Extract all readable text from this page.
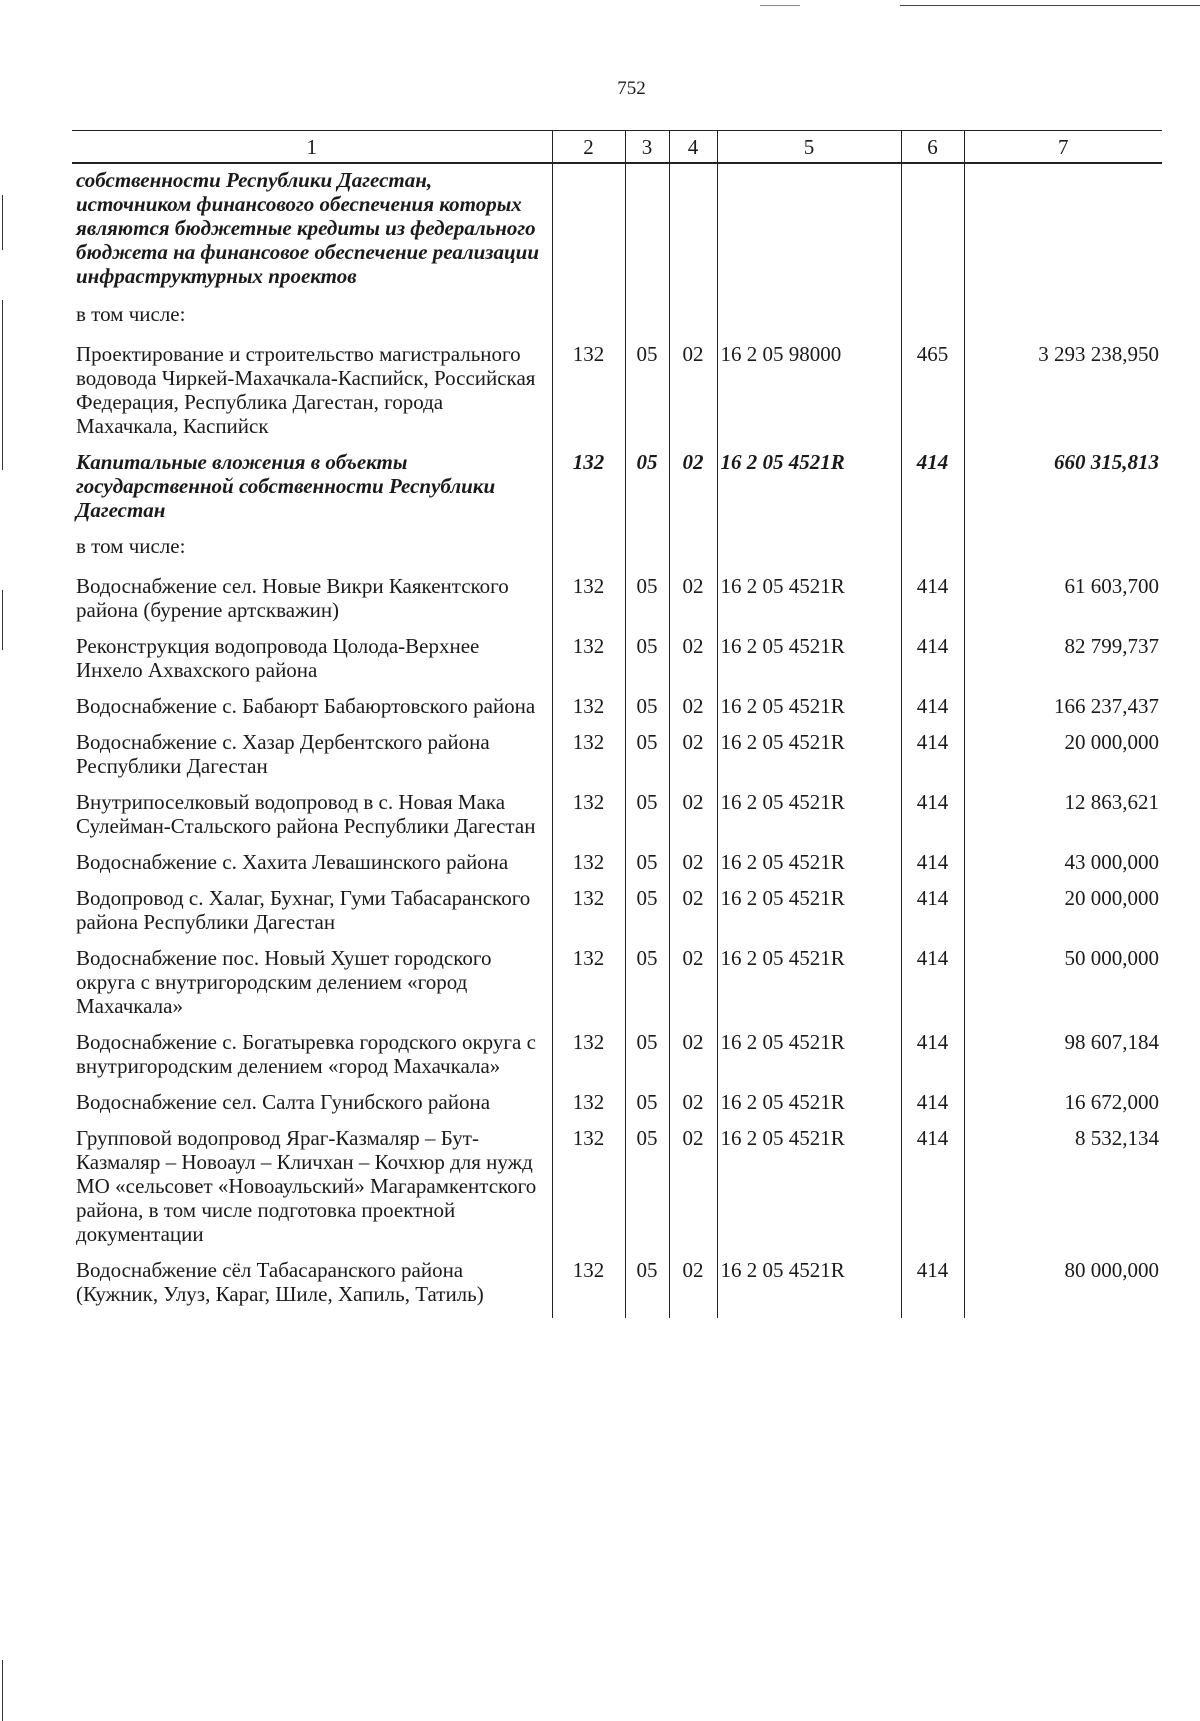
752
1	2	3	4	5	6	7
собственности Республики Дагестан, источником финансового обеспечения которых являются бюджетные кредиты из федерального бюджета на финансовое обеспечение реализации инфраструктурных проектов						
в том числе:						
Проектирование и строительство магистрального водовода Чиркей-Махачкала-Каспийск, Российская Федерация, Республика Дагестан, города Махачкала, Каспийск	132	05	02	16 2 05 98000	465	3 293 238,950
Капитальные вложения в объекты государственной собственности Республики Дагестан	132	05	02	16 2 05 4521R	414	660 315,813
в том числе:						
Водоснабжение сел. Новые Викри Каякентского района (бурение артскважин)	132	05	02	16 2 05 4521R	414	61 603,700
Реконструкция водопровода Цолода-Верхнее Инхело Ахвахского района	132	05	02	16 2 05 4521R	414	82 799,737
Водоснабжение с. Бабаюрт Бабаюртовского района	132	05	02	16 2 05 4521R	414	166 237,437
Водоснабжение с. Хазар Дербентского района Республики Дагестан	132	05	02	16 2 05 4521R	414	20 000,000
Внутрипоселковый водопровод в с. Новая Мака Сулейман-Стальского района Республики Дагестан	132	05	02	16 2 05 4521R	414	12 863,621
Водоснабжение с. Хахита Левашинского района	132	05	02	16 2 05 4521R	414	43 000,000
Водопровод с. Халаг, Бухнаг, Гуми Табасаранского района Республики Дагестан	132	05	02	16 2 05 4521R	414	20 000,000
Водоснабжение пос. Новый Хушет городского округа с внутригородским делением «город Махачкала»	132	05	02	16 2 05 4521R	414	50 000,000
Водоснабжение с. Богатыревка городского округа с внутригородским делением «город Махачкала»	132	05	02	16 2 05 4521R	414	98 607,184
Водоснабжение сел. Салта Гунибского района	132	05	02	16 2 05 4521R	414	16 672,000
Групповой водопровод Яраг-Казмаляр – Бут-Казмаляр – Новоаул – Кличхан – Кочхюр для нужд МО «сельсовет «Новоаульский» Магарамкентского района, в том числе подготовка проектной документации	132	05	02	16 2 05 4521R	414	8 532,134
Водоснабжение сёл Табасаранского района (Кужник, Улуз, Караг, Шиле, Хапиль, Татиль)	132	05	02	16 2 05 4521R	414	80 000,000
